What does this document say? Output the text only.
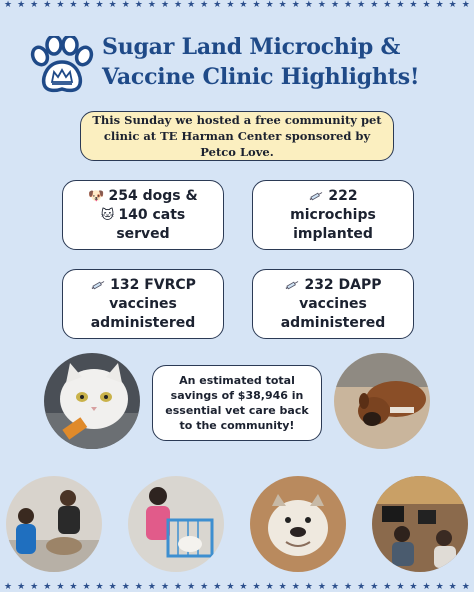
★ ★ ★ ★ ★ ★ ★ ★ ★ ★ ★ ★ ★ ★ ★ ★ ★ ★ ★ ★ ★ ★ ★ ★ ★ ★ ★ ★ ★ ★ ★ ★ ★ ★ ★ ★
Sugar Land Microchip &
Vaccine Clinic Highlights!
This Sunday we hosted a free community pet clinic at TE Harman Center sponsored by Petco Love.
🐶 254 dogs &
🐱 140 cats
served
222
microchips
implanted
132 FVRCP
vaccines
administered
232 DAPP
vaccines
administered
An estimated total savings of $38,946 in essential vet care back to the community!
★ ★ ★ ★ ★ ★ ★ ★ ★ ★ ★ ★ ★ ★ ★ ★ ★ ★ ★ ★ ★ ★ ★ ★ ★ ★ ★ ★ ★ ★ ★ ★ ★ ★ ★ ★
